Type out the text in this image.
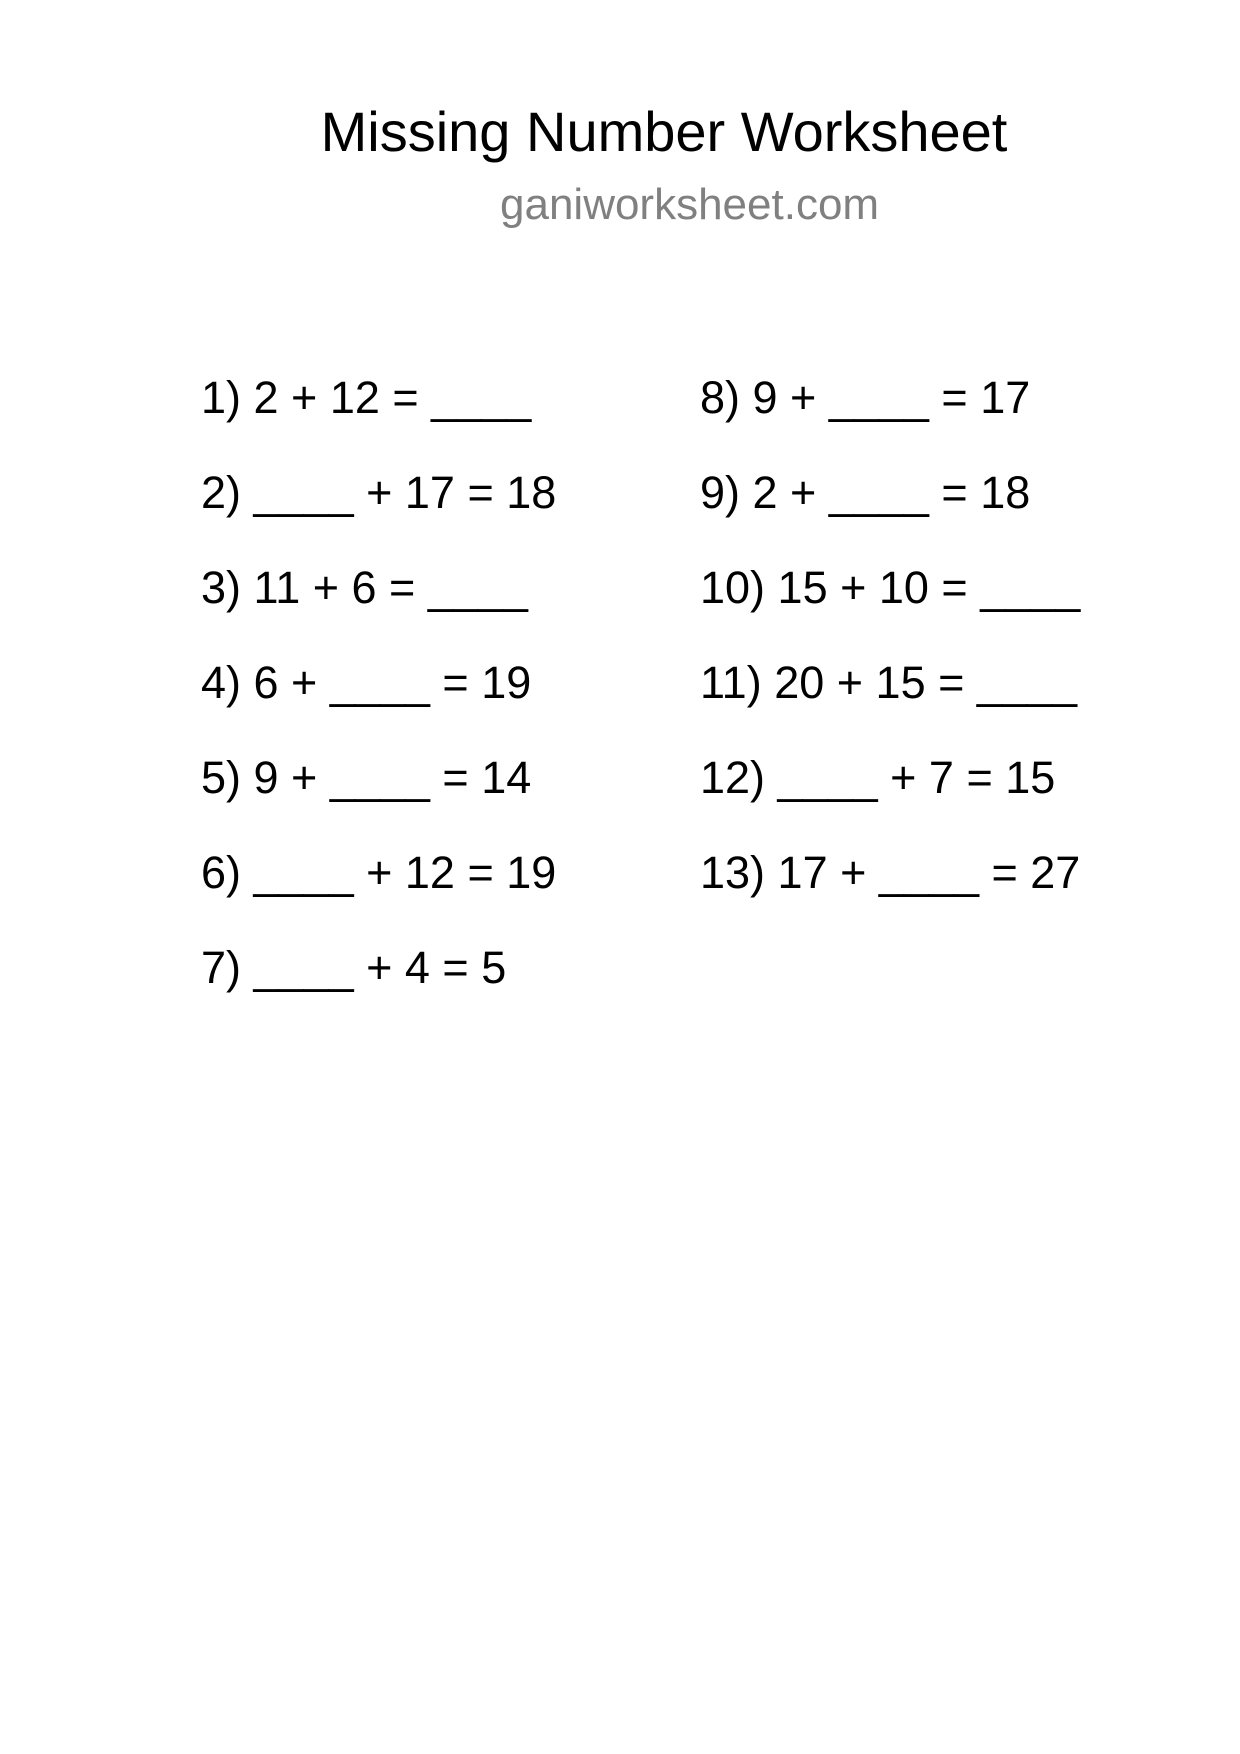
Missing Number Worksheet
ganiworksheet.com
1) 2 + 12 = ____
2) ____ + 17 = 18
3) 11 + 6 = ____
4) 6 + ____ = 19
5) 9 + ____ = 14
6) ____ + 12 = 19
7) ____ + 4 = 5
8) 9 + ____ = 17
9) 2 + ____ = 18
10) 15 + 10 = ____
11) 20 + 15 = ____
12) ____ + 7 = 15
13) 17 + ____ = 27
